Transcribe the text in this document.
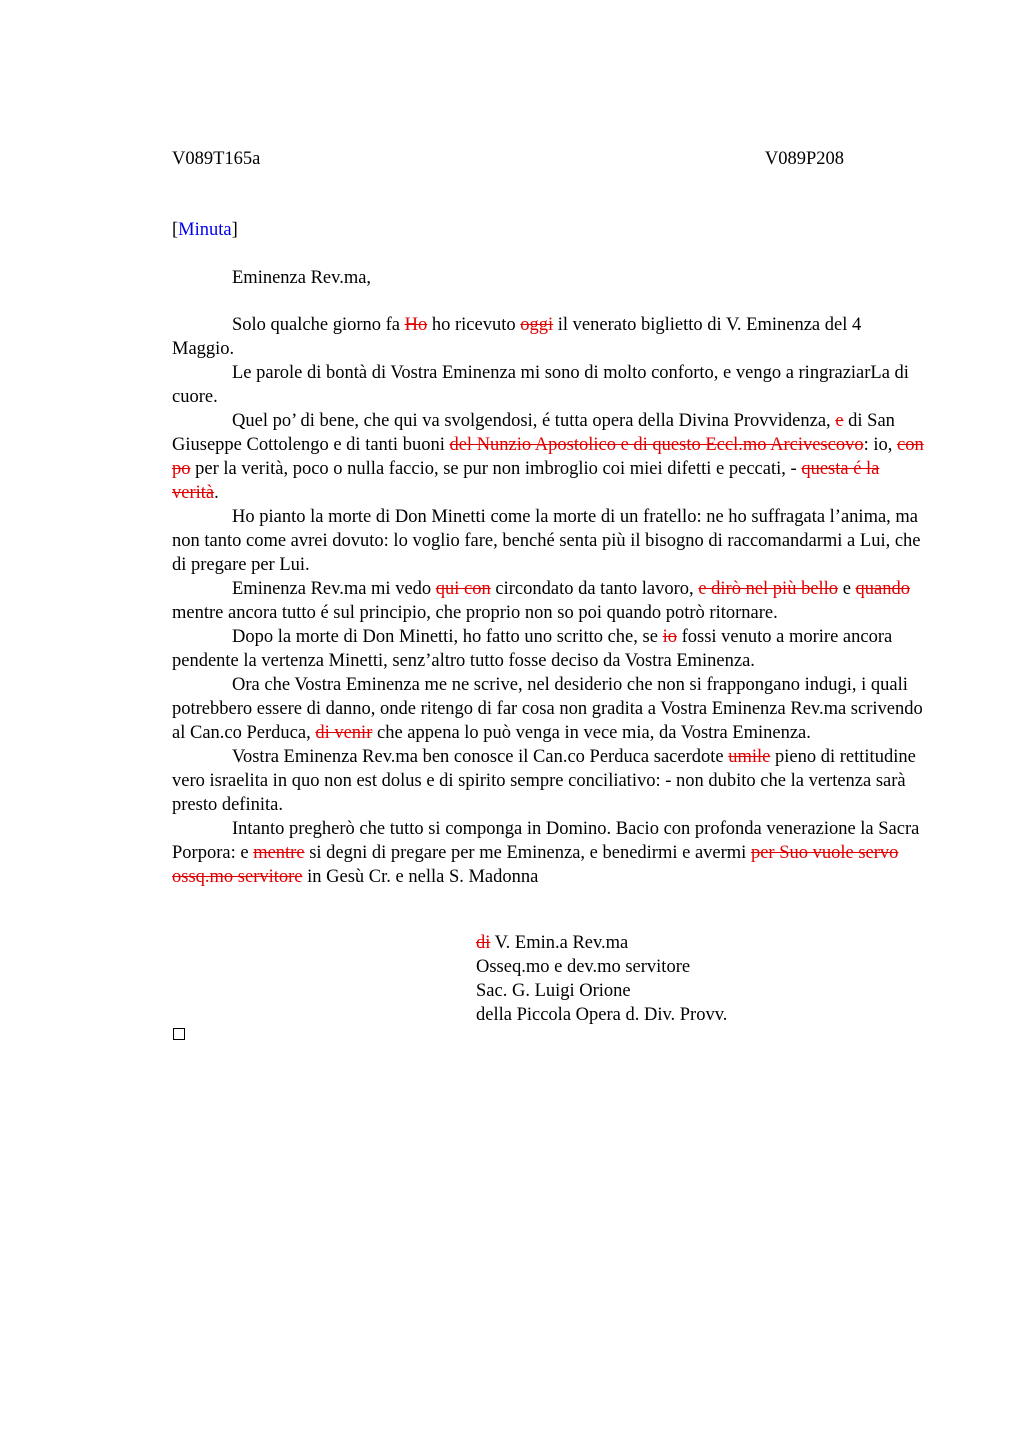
V089T165a	V089P208
[Minuta]
Eminenza Rev.ma,

Solo qualche giorno fa Ho ho ricevuto oggi il venerato biglietto di V. Eminenza del 4 Maggio.

Le parole di bontà di Vostra Eminenza mi sono di molto conforto, e vengo a ringraziarLa di cuore.

Quel po’ di bene, che qui va svolgendosi, é tutta opera della Divina Provvidenza, e di San Giuseppe Cottolengo e di tanti buoni del Nunzio Apostolico e di questo Eccl.mo Arcivescovo: io, con po per la verità, poco o nulla faccio, se pur non imbroglio coi miei difetti e peccati, - questa é la verità.

Ho pianto la morte di Don Minetti come la morte di un fratello: ne ho suffragata l’anima, ma non tanto come avrei dovuto: lo voglio fare, benché senta più il bisogno di raccomandarmi a Lui, che di pregare per Lui.

Eminenza Rev.ma mi vedo qui con circondato da tanto lavoro, e dirò nel più bello e quando mentre ancora tutto é sul principio, che proprio non so poi quando potrò ritornare.

Dopo la morte di Don Minetti, ho fatto uno scritto che, se io fossi venuto a morire ancora pendente la vertenza Minetti, senz’altro tutto fosse deciso da Vostra Eminenza.

Ora che Vostra Eminenza me ne scrive, nel desiderio che non si frappongano indugi, i quali potrebbero essere di danno, onde ritengo di far cosa non gradita a Vostra Eminenza Rev.ma scrivendo al Can.co Perduca, di venir che appena lo può venga in vece mia, da Vostra Eminenza.

Vostra Eminenza Rev.ma ben conosce il Can.co Perduca sacerdote umile pieno di rettitudine vero israelita in quo non est dolus e di spirito sempre conciliativo: - non dubito che la vertenza sarà presto definita.

Intanto pregherò che tutto si componga in Domino. Bacio con profonda venerazione la Sacra Porpora: e mentre si degni di pregare per me Eminenza, e benedirmi e avermi per Suo vuole servo ossq.mo servitore in Gesù Cr. e nella S. Madonna

di V. Emin.a Rev.ma
Osseq.mo e dev.mo servitore
Sac. G. Luigi Orione
della Piccola Opera d. Div. Provv.
